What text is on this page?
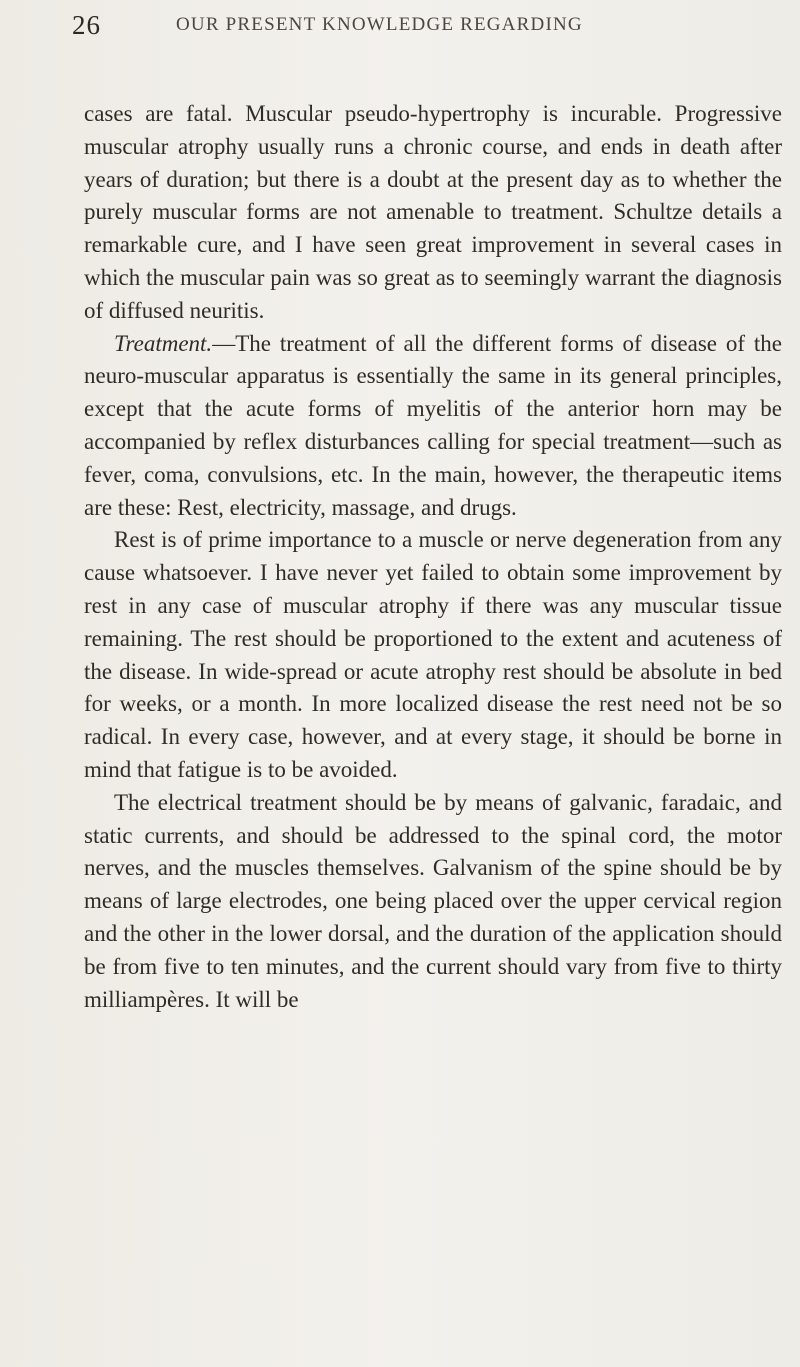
26	OUR PRESENT KNOWLEDGE REGARDING

cases are fatal. Muscular pseudo-hypertrophy is incurable. Progressive muscular atrophy usually runs a chronic course, and ends in death after years of duration; but there is a doubt at the present day as to whether the purely muscular forms are not amenable to treatment. Schultze details a remarkable cure, and I have seen great improvement in several cases in which the muscular pain was so great as to seemingly warrant the diagnosis of diffused neuritis.

Treatment.—The treatment of all the different forms of disease of the neuro-muscular apparatus is essentially the same in its general principles, except that the acute forms of myelitis of the anterior horn may be accompanied by reflex disturbances calling for special treatment—such as fever, coma, convulsions, etc. In the main, however, the therapeutic items are these: Rest, electricity, massage, and drugs.

Rest is of prime importance to a muscle or nerve degeneration from any cause whatsoever. I have never yet failed to obtain some improvement by rest in any case of muscular atrophy if there was any muscular tissue remaining. The rest should be proportioned to the extent and acuteness of the disease. In wide-spread or acute atrophy rest should be absolute in bed for weeks, or a month. In more localized disease the rest need not be so radical. In every case, however, and at every stage, it should be borne in mind that fatigue is to be avoided.

The electrical treatment should be by means of galvanic, faradaic, and static currents, and should be addressed to the spinal cord, the motor nerves, and the muscles themselves. Galvanism of the spine should be by means of large electrodes, one being placed over the upper cervical region and the other in the lower dorsal, and the duration of the application should be from five to ten minutes, and the current should vary from five to thirty milliampères. It will be
